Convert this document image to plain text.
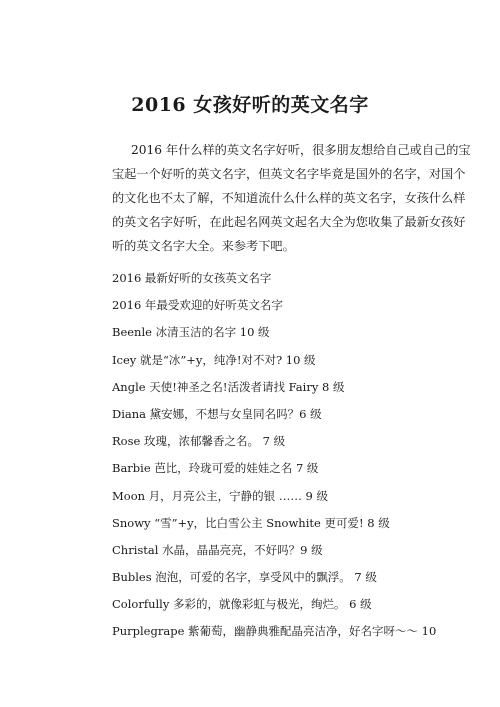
2016 女孩好听的英文名字
2016 年什么样的英文名字好听，很多朋友想给自己或自己的宝
宝起一个好听的英文名字，但英文名字毕竟是国外的名字，对国个
的文化也不太了解，不知道流什么什么样的英文名字，女孩什么样
的英文名字好听，在此起名网英文起名大全为您收集了最新女孩好
听的英文名字大全。来参考下吧。
2016 最新好听的女孩英文名字
2016 年最受欢迎的好听英文名字
Beenle 冰清玉洁的名字 10 级
Icey 就是“冰”+y，纯净!对不对? 10 级
Angle 天使!神圣之名!活泼者请找 Fairy 8 级
Diana 黛安娜，不想与女皇同名吗？6 级
Rose 玫瑰，浓郁馨香之名。 7 级
Barbie 芭比，玲珑可爱的娃娃之名 7 级
Moon 月，月亮公主，宁静的银 …… 9 级
Snowy “雪”+y，比白雪公主 Snowhite 更可爱! 8 级
Christal 水晶，晶晶亮亮，不好吗？9 级
Bubles 泡泡，可爱的名字，享受风中的飘浮。 7 级
Colorfully 多彩的，就像彩虹与极光，绚烂。 6 级
Purplegrape 紫葡萄，幽静典雅配晶亮洁净，好名字呀～～ 10
